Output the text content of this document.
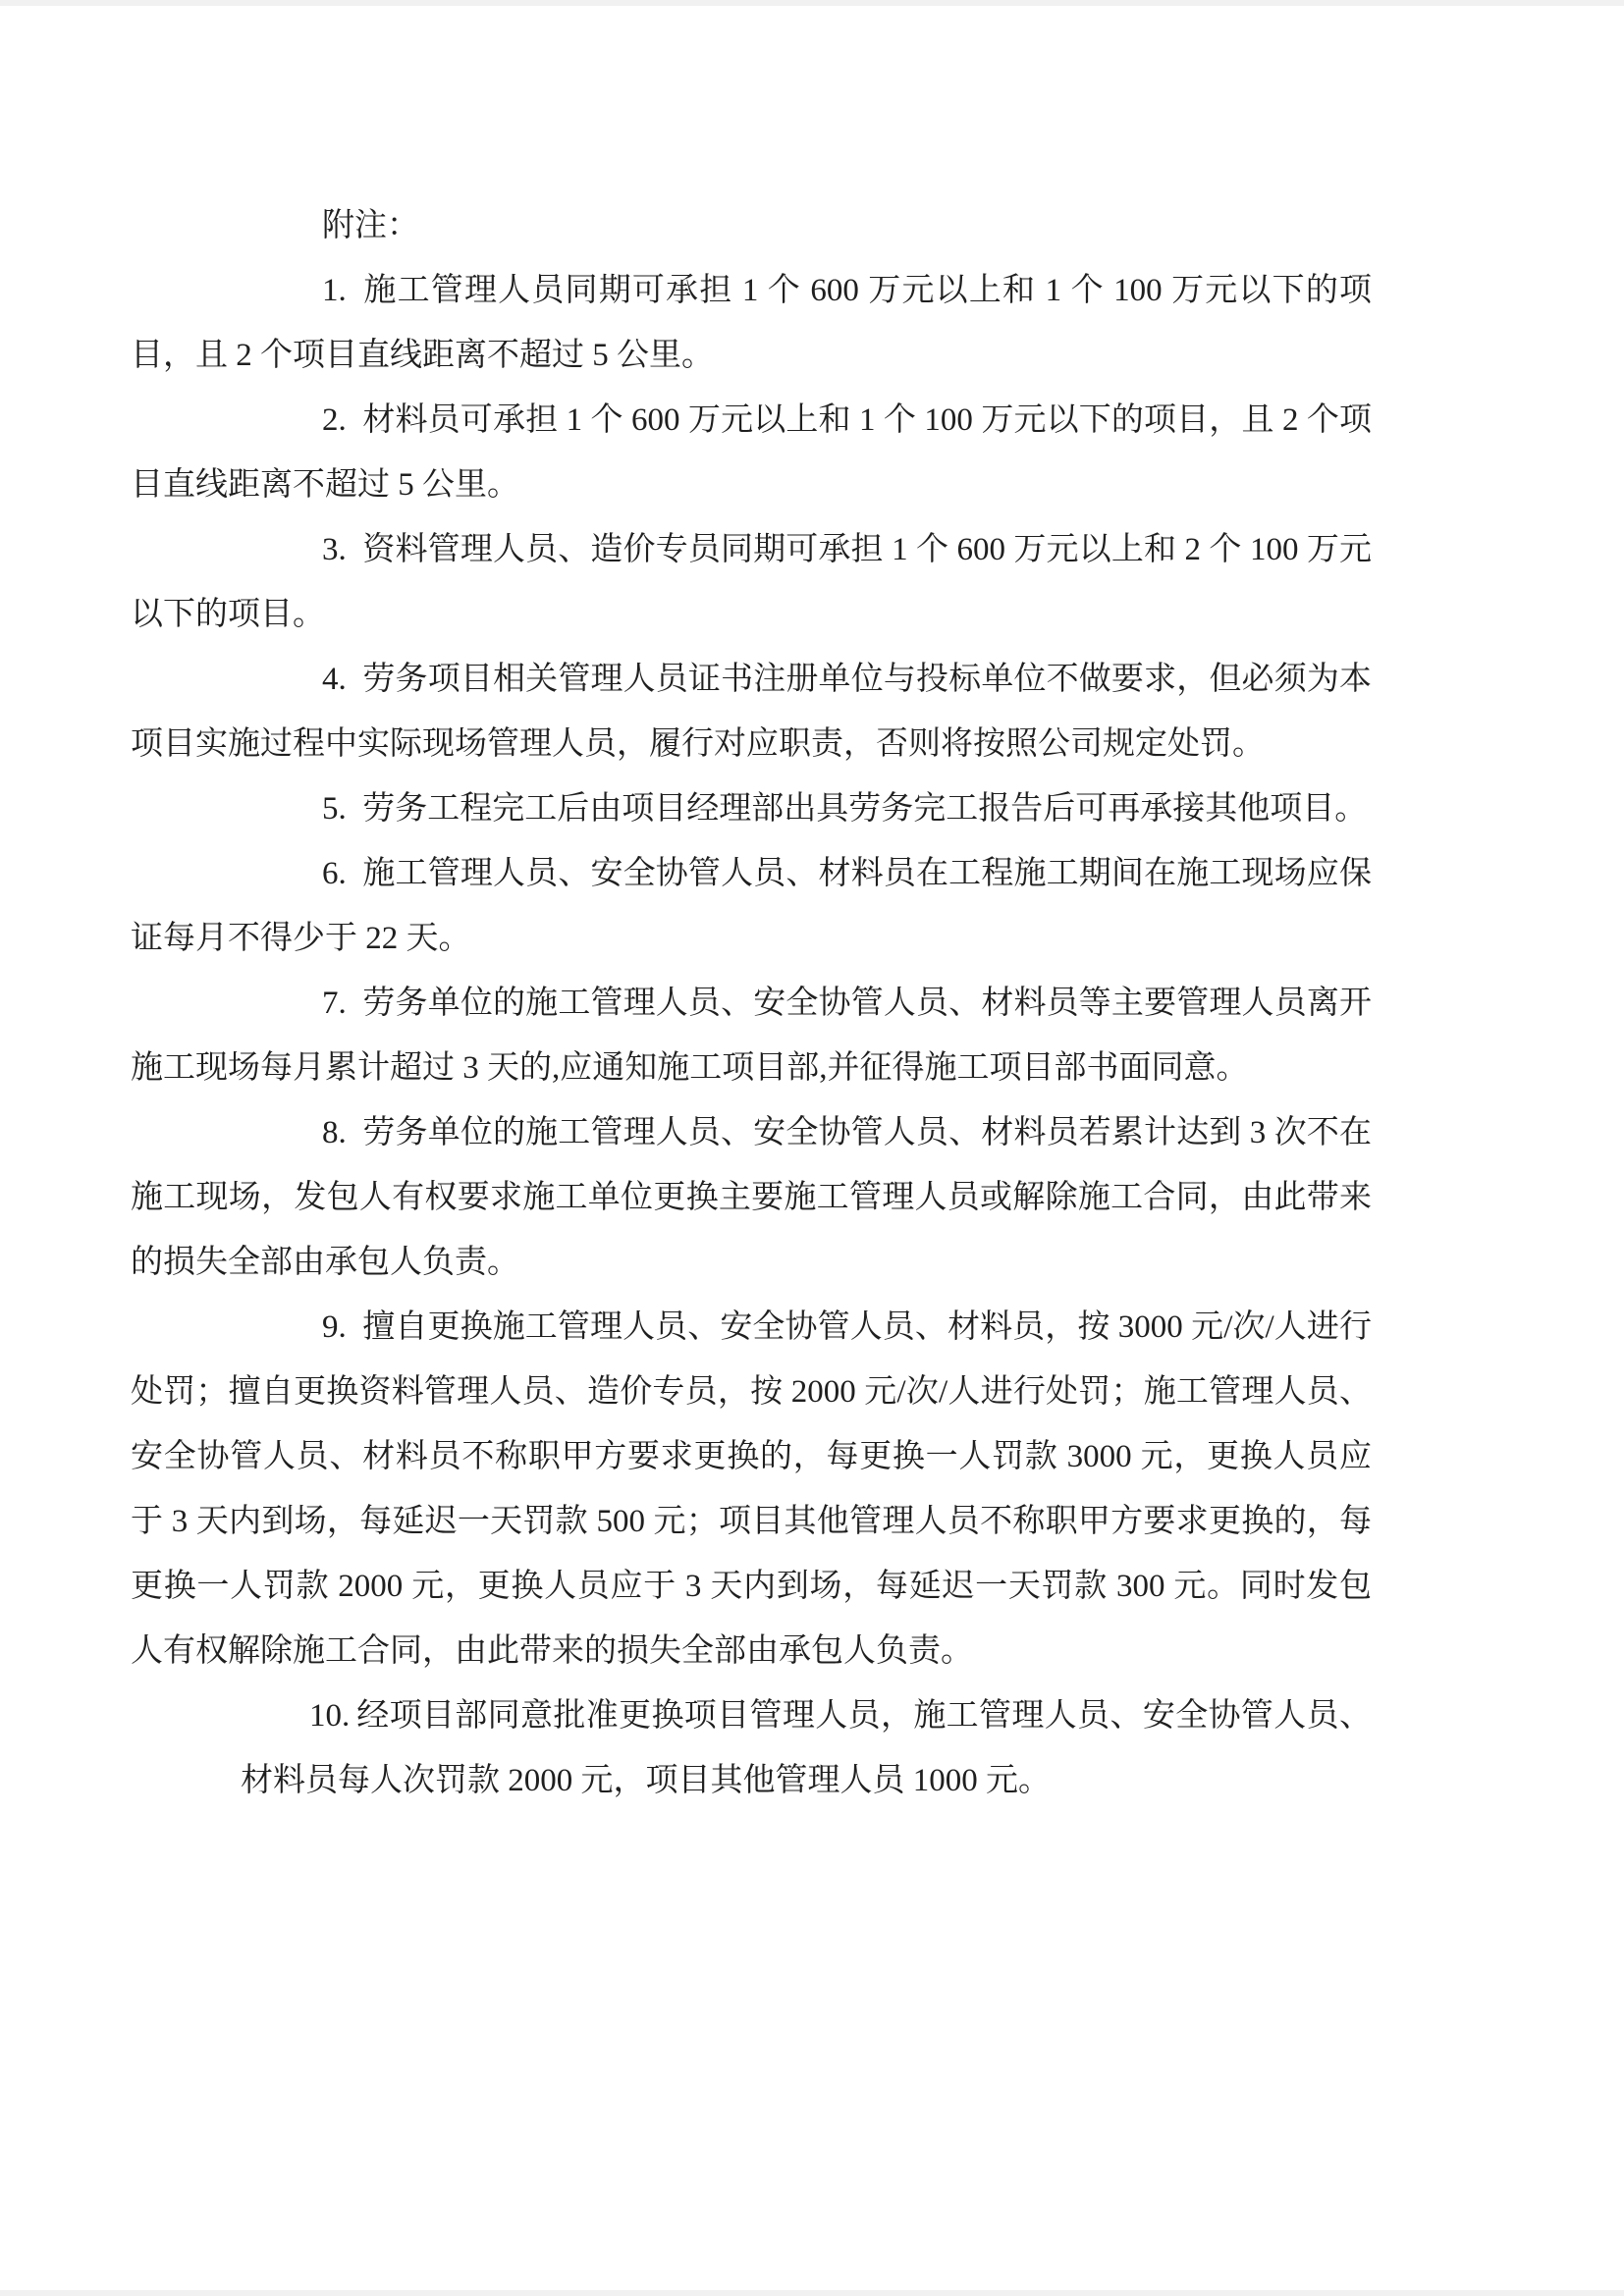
附注：

1. 施工管理人员同期可承担 1 个 600 万元以上和 1 个 100 万元以下的项目，且 2 个项目直线距离不超过 5 公里。

2. 材料员可承担 1 个 600 万元以上和 1 个 100 万元以下的项目，且 2 个项目直线距离不超过 5 公里。

3. 资料管理人员、造价专员同期可承担 1 个 600 万元以上和 2 个 100 万元以下的项目。

4. 劳务项目相关管理人员证书注册单位与投标单位不做要求，但必须为本项目实施过程中实际现场管理人员，履行对应职责，否则将按照公司规定处罚。

5. 劳务工程完工后由项目经理部出具劳务完工报告后可再承接其他项目。

6. 施工管理人员、安全协管人员、材料员在工程施工期间在施工现场应保证每月不得少于 22 天。

7. 劳务单位的施工管理人员、安全协管人员、材料员等主要管理人员离开施工现场每月累计超过 3 天的,应通知施工项目部,并征得施工项目部书面同意。

8. 劳务单位的施工管理人员、安全协管人员、材料员若累计达到 3 次不在施工现场，发包人有权要求施工单位更换主要施工管理人员或解除施工合同，由此带来的损失全部由承包人负责。

9. 擅自更换施工管理人员、安全协管人员、材料员，按 3000 元/次/人进行处罚；擅自更换资料管理人员、造价专员，按 2000 元/次/人进行处罚；施工管理人员、安全协管人员、材料员不称职甲方要求更换的，每更换一人罚款 3000 元，更换人员应于 3 天内到场，每延迟一天罚款 500 元；项目其他管理人员不称职甲方要求更换的，每更换一人罚款 2000 元，更换人员应于 3 天内到场，每延迟一天罚款 300 元。同时发包人有权解除施工合同，由此带来的损失全部由承包人负责。

10. 经项目部同意批准更换项目管理人员，施工管理人员、安全协管人员、材料员每人次罚款 2000 元，项目其他管理人员 1000 元。
